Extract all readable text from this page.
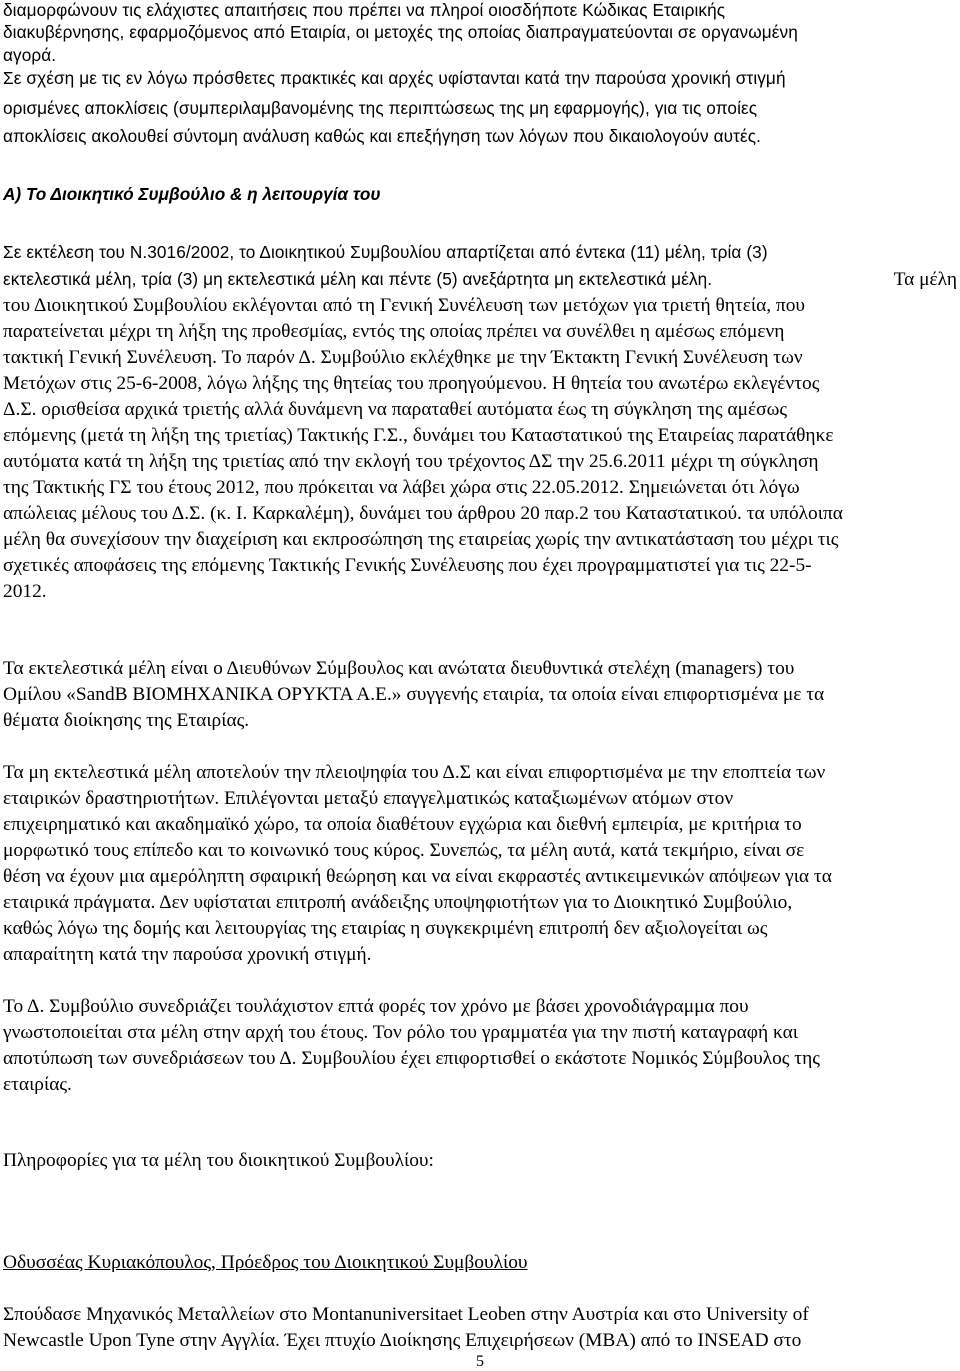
διαμορφώνουν τις ελάχιστες απαιτήσεις που πρέπει να πληροί οιοσδήποτε Κώδικας Εταιρικής
διακυβέρνησης, εφαρμοζόμενος από Εταιρία, οι μετοχές της οποίας διαπραγματεύονται σε οργανωμένη
αγορά.
Σε σχέση με τις εν λόγω πρόσθετες πρακτικές και αρχές υφίστανται κατά την παρούσα χρονική στιγμή
ορισμένες αποκλίσεις (συμπεριλαμβανομένης της περιπτώσεως της μη εφαρμογής), για τις οποίες
αποκλίσεις ακολουθεί σύντομη ανάλυση καθώς και επεξήγηση των λόγων που δικαιολογούν αυτές.
Α) Το Διοικητικό Συμβούλιο & η λειτουργία του
Σε εκτέλεση του Ν.3016/2002, το Διοικητικού Συμβουλίου απαρτίζεται από έντεκα (11) μέλη, τρία (3)
εκτελεστικά μέλη, τρία (3) μη εκτελεστικά μέλη και πέντε (5) ανεξάρτητα μη εκτελεστικά μέλη.	Τα μέλη
του Διοικητικού Συμβουλίου εκλέγονται από τη Γενική Συνέλευση των μετόχων για τριετή θητεία, που
παρατείνεται μέχρι τη λήξη της προθεσμίας, εντός της οποίας πρέπει να συνέλθει η αμέσως επόμενη
τακτική Γενική Συνέλευση. Το παρόν Δ. Συμβούλιο εκλέχθηκε με την Έκτακτη Γενική Συνέλευση των
Μετόχων στις 25-6-2008, λόγω λήξης της θητείας του προηγούμενου. Η θητεία του ανωτέρω εκλεγέντος
Δ.Σ. ορισθείσα αρχικά τριετής αλλά δυνάμενη να παραταθεί αυτόματα έως τη σύγκληση της αμέσως
επόμενης (μετά τη λήξη της τριετίας) Τακτικής Γ.Σ., δυνάμει του Καταστατικού της Εταιρείας παρατάθηκε
αυτόματα κατά τη λήξη της τριετίας από την εκλογή του τρέχοντος ΔΣ την 25.6.2011 μέχρι τη σύγκληση
της Τακτικής ΓΣ του έτους 2012, που πρόκειται να λάβει χώρα στις 22.05.2012. Σημειώνεται ότι λόγω
απώλειας μέλους του Δ.Σ. (κ. Ι. Καρκαλέμη), δυνάμει του άρθρου 20 παρ.2 του Καταστατικού. τα υπόλοιπα
μέλη θα συνεχίσουν την διαχείριση και εκπροσώπηση της εταιρείας χωρίς την αντικατάσταση του μέχρι τις
σχετικές αποφάσεις της επόμενης Τακτικής Γενικής Συνέλευσης που έχει προγραμματιστεί για τις 22-5-
2012.
Τα εκτελεστικά μέλη είναι ο Διευθύνων Σύμβουλος και ανώτατα διευθυντικά στελέχη (managers) του
Ομίλου «SandB ΒΙΟΜΗΧΑΝΙΚΑ ΟΡΥΚΤΑ Α.Ε.» συγγενής εταιρία, τα οποία είναι επιφορτισμένα με τα
θέματα διοίκησης της Εταιρίας.
Τα μη εκτελεστικά μέλη αποτελούν την πλειοψηφία του Δ.Σ και είναι επιφορτισμένα με την εποπτεία των
εταιρικών δραστηριοτήτων. Επιλέγονται μεταξύ επαγγελματικώς καταξιωμένων ατόμων στον
επιχειρηματικό και ακαδημαϊκό χώρο, τα οποία διαθέτουν εγχώρια και διεθνή εμπειρία, με κριτήρια το
μορφωτικό τους επίπεδο και το κοινωνικό τους κύρος. Συνεπώς, τα μέλη αυτά, κατά τεκμήριο, είναι σε
θέση να έχουν μια αμερόληπτη σφαιρική θεώρηση και να είναι εκφραστές αντικειμενικών απόψεων για τα
εταιρικά πράγματα. Δεν υφίσταται επιτροπή ανάδειξης υποψηφιοτήτων για το Διοικητικό Συμβούλιο,
καθώς λόγω της δομής και λειτουργίας της εταιρίας η συγκεκριμένη επιτροπή δεν αξιολογείται ως
απαραίτητη κατά την παρούσα χρονική στιγμή.
Το Δ. Συμβούλιο συνεδριάζει τουλάχιστον επτά φορές τον χρόνο με βάσει χρονοδιάγραμμα που
γνωστοποιείται στα μέλη στην αρχή του έτους. Τον ρόλο του γραμματέα για την πιστή καταγραφή και
αποτύπωση των συνεδριάσεων του Δ. Συμβουλίου έχει επιφορτισθεί ο εκάστοτε Νομικός Σύμβουλος της
εταιρίας.
Πληροφορίες για τα μέλη του διοικητικού Συμβουλίου:
Οδυσσέας Κυριακόπουλος, Πρόεδρος του Διοικητικού Συμβουλίου
Σπούδασε Μηχανικός Μεταλλείων στο Montanuniversitaet Leoben στην Αυστρία και στο University of
Newcastle Upon Tyne στην Αγγλία. Έχει πτυχίο Διοίκησης Επιχειρήσεων (MBA) από το INSEAD στο
5
